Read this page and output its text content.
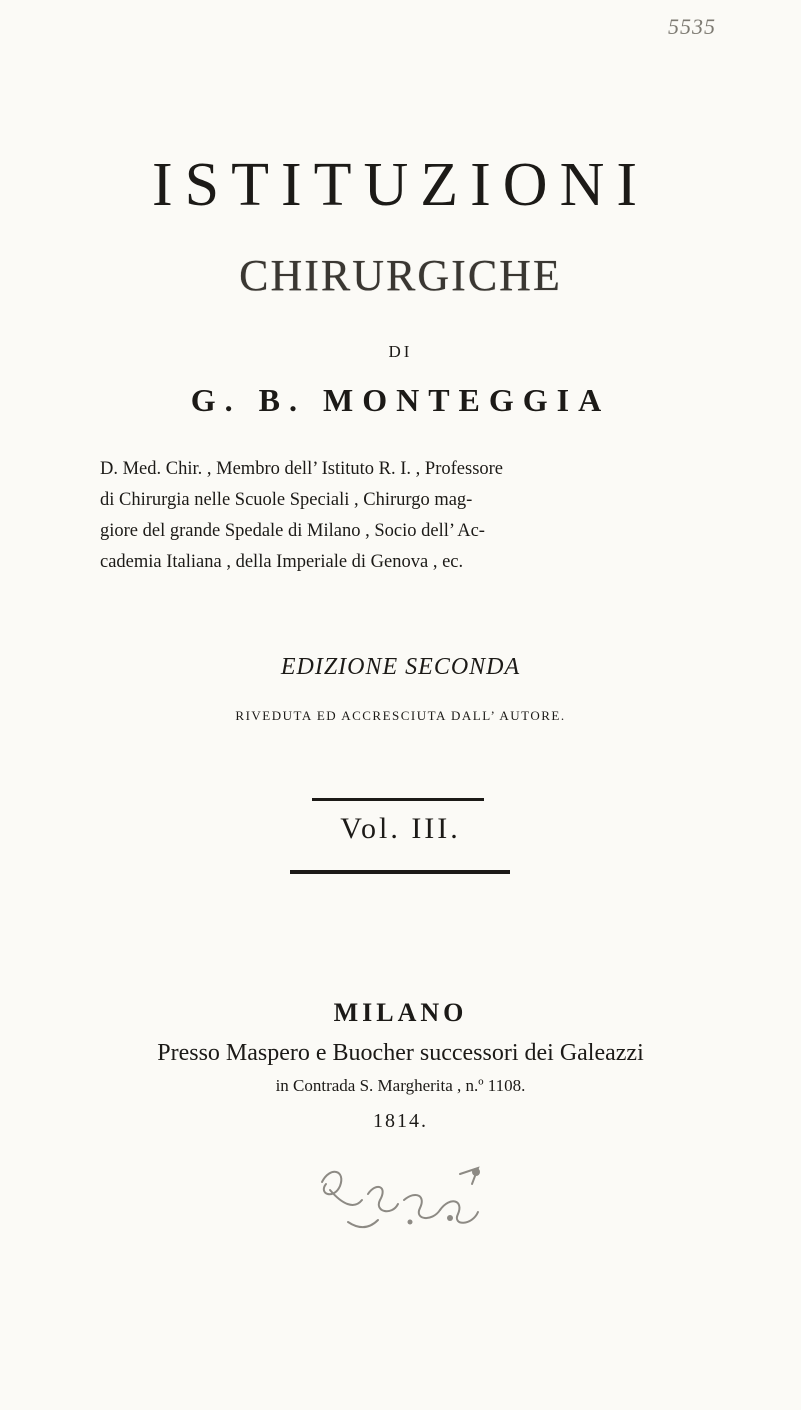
5535
ISTITUZIONI
CHIRURGICHE
DI
G. B. MONTEGGIA
D. Med. Chir. , Membro dell’ Istituto R. I. , Professore
di Chirurgia nelle Scuole Speciali , Chirurgo mag-
giore del grande Spedale di Milano , Socio dell’ Ac-
cademia Italiana , della Imperiale di Genova , ec.
EDIZIONE SECONDA
RIVEDUTA ED ACCRESCIUTA DALL’ AUTORE.
Vol. III.
MILANO
Presso Maspero e Buocher successori dei Galeazzi
in Contrada S. Margherita , n.º 1108.
1814.
